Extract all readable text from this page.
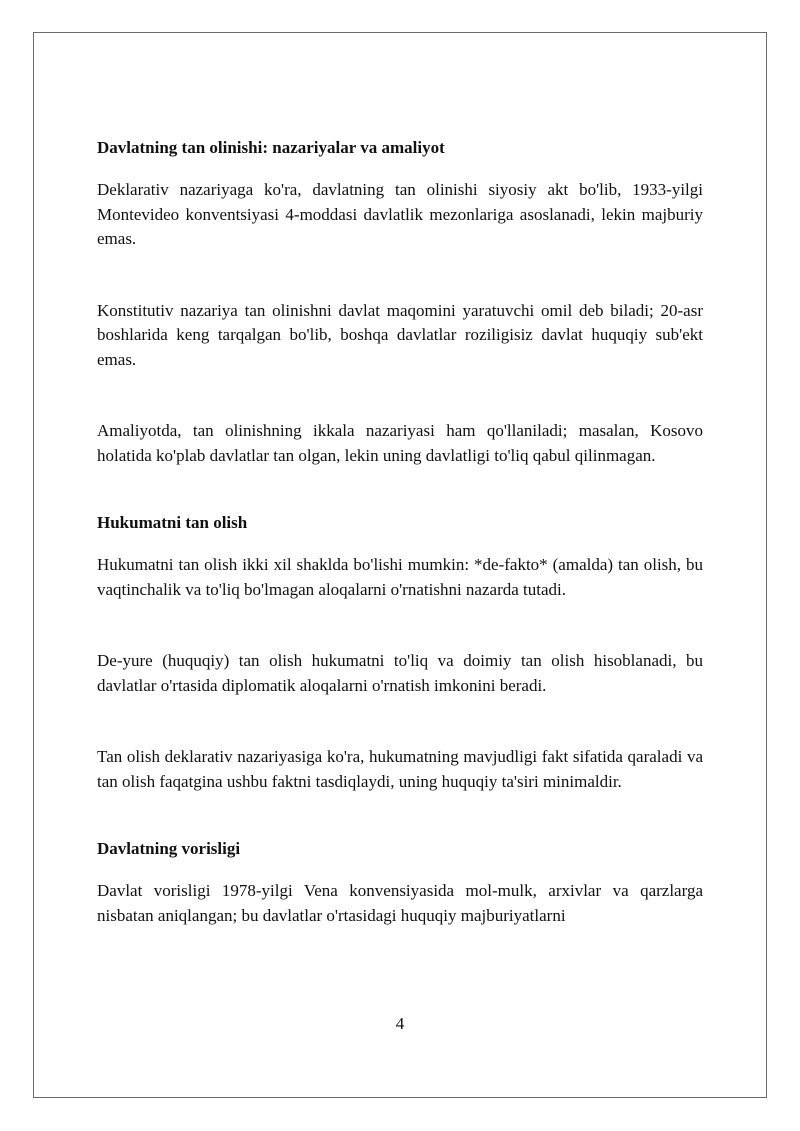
Davlatning tan olinishi: nazariyalar va amaliyot

Deklarativ nazariyaga ko'ra, davlatning tan olinishi siyosiy akt bo'lib, 1933-yilgi Montevideo konventsiyasi 4-moddasi davlatlik mezonlariga asoslanadi, lekin majburiy emas.

Konstitutiv nazariya tan olinishni davlat maqomini yaratuvchi omil deb biladi; 20-asr boshlarida keng tarqalgan bo'lib, boshqa davlatlar roziligisiz davlat huquqiy sub'ekt emas.

Amaliyotda, tan olinishning ikkala nazariyasi ham qo'llaniladi; masalan, Kosovo holatida ko'plab davlatlar tan olgan, lekin uning davlatligi to'liq qabul qilinmagan.

Hukumatni tan olish

Hukumatni tan olish ikki xil shaklda bo'lishi mumkin: *de-fakto* (amalda) tan olish, bu vaqtinchalik va to'liq bo'lmagan aloqalarni o'rnatishni nazarda tutadi.

De-yure (huquqiy) tan olish hukumatni to'liq va doimiy tan olish hisoblanadi, bu davlatlar o'rtasida diplomatik aloqalarni o'rnatish imkonini beradi.

Tan olish deklarativ nazariyasiga ko'ra, hukumatning mavjudligi fakt sifatida qaraladi va tan olish faqatgina ushbu faktni tasdiqlaydi, uning huquqiy ta'siri minimaldir.

Davlatning vorisligi

Davlat vorisligi 1978-yilgi Vena konvensiyasida mol-mulk, arxivlar va qarzlarga nisbatan aniqlangan; bu davlatlar o'rtasidagi huquqiy majburiyatlarni

4
